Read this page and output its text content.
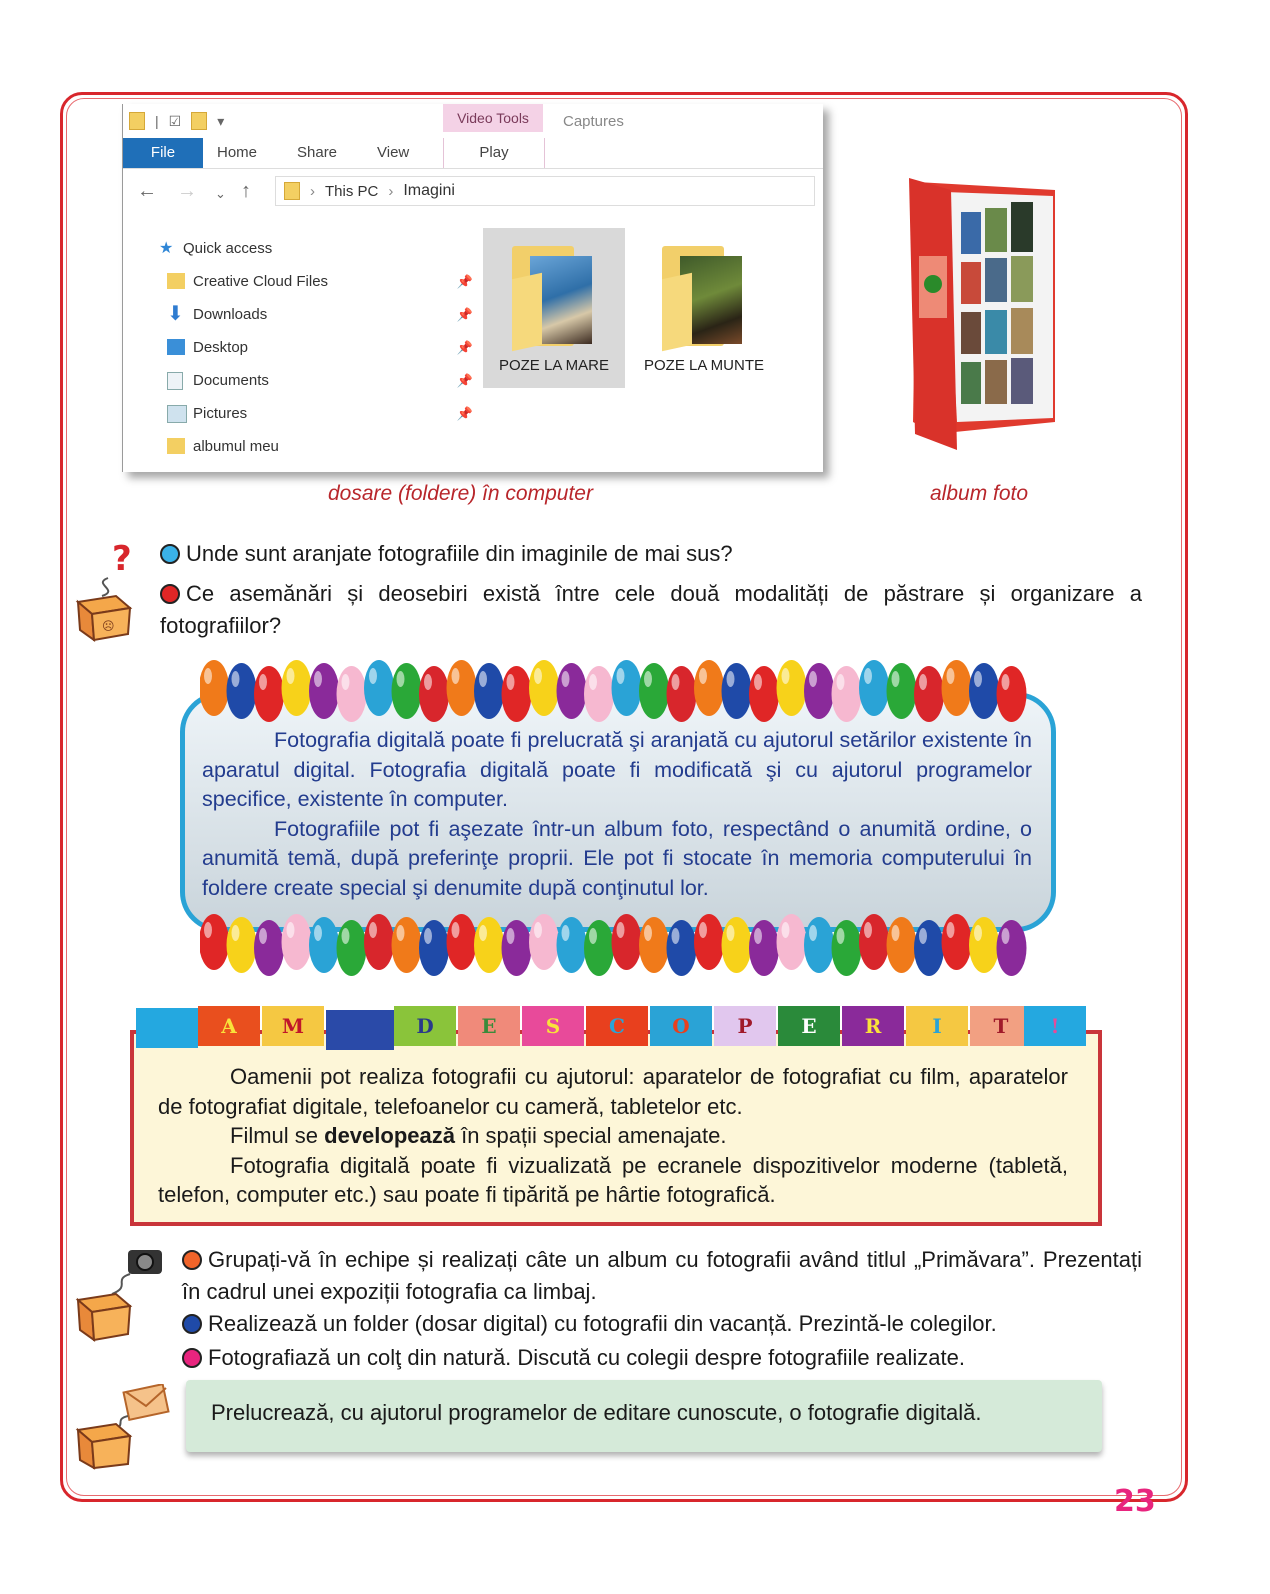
| ☑	▾	Video Tools	Captures
File	Home	Share	View	Play
← → ⌄ ↑	› This PC › Imagini
★ Quick access
Creative Cloud Files	📌
⬇ Downloads	📌
Desktop	📌
Documents	📌
Pictures	📌
albumul meu
POZE LA MARE	POZE LA MUNTE
dosare (foldere) în computer	album foto
?
☹
Unde sunt aranjate fotografiile din imaginile de mai sus?
Ce asemănări și deosebiri există între cele două modalități de păstrare și organizare a fotografiilor?
Fotografia digitală poate fi prelucrată şi aranjată cu ajutorul setărilor existente în aparatul digital. Fotografia digitală poate fi modificată şi cu ajutorul programelor specifice, existente în computer.
Fotografiile pot fi aşezate într-un album foto, respectând o anumită ordine, o anumită temă, după preferinţe proprii. Ele pot fi stocate în memoria computerului în foldere create special şi denumite după conţinutul lor.
A	M	D	E	S	C	O	P	E	R	I	T	!
Oamenii pot realiza fotografii cu ajutorul: aparatelor de fotografiat cu film, aparatelor de fotografiat digitale, telefoanelor cu cameră, tabletelor etc.
Filmul se developează în spații special amenajate.
Fotografia digitală poate fi vizualizată pe ecranele dispozitivelor moderne (tabletă, telefon, computer etc.) sau poate fi tipărită pe hârtie fotografică.
Grupați-vă în echipe și realizați câte un album cu fotografii având titlul „Primăvara”. Prezentați în cadrul unei expoziții fotografia ca limbaj.
Realizează un folder (dosar digital) cu fotografii din vacanță. Prezintă-le colegilor.
Fotografiază un colţ din natură. Discută cu colegii despre fotografiile realizate.
Prelucrează, cu ajutorul programelor de editare cunoscute, o fotografie digitală.
23
